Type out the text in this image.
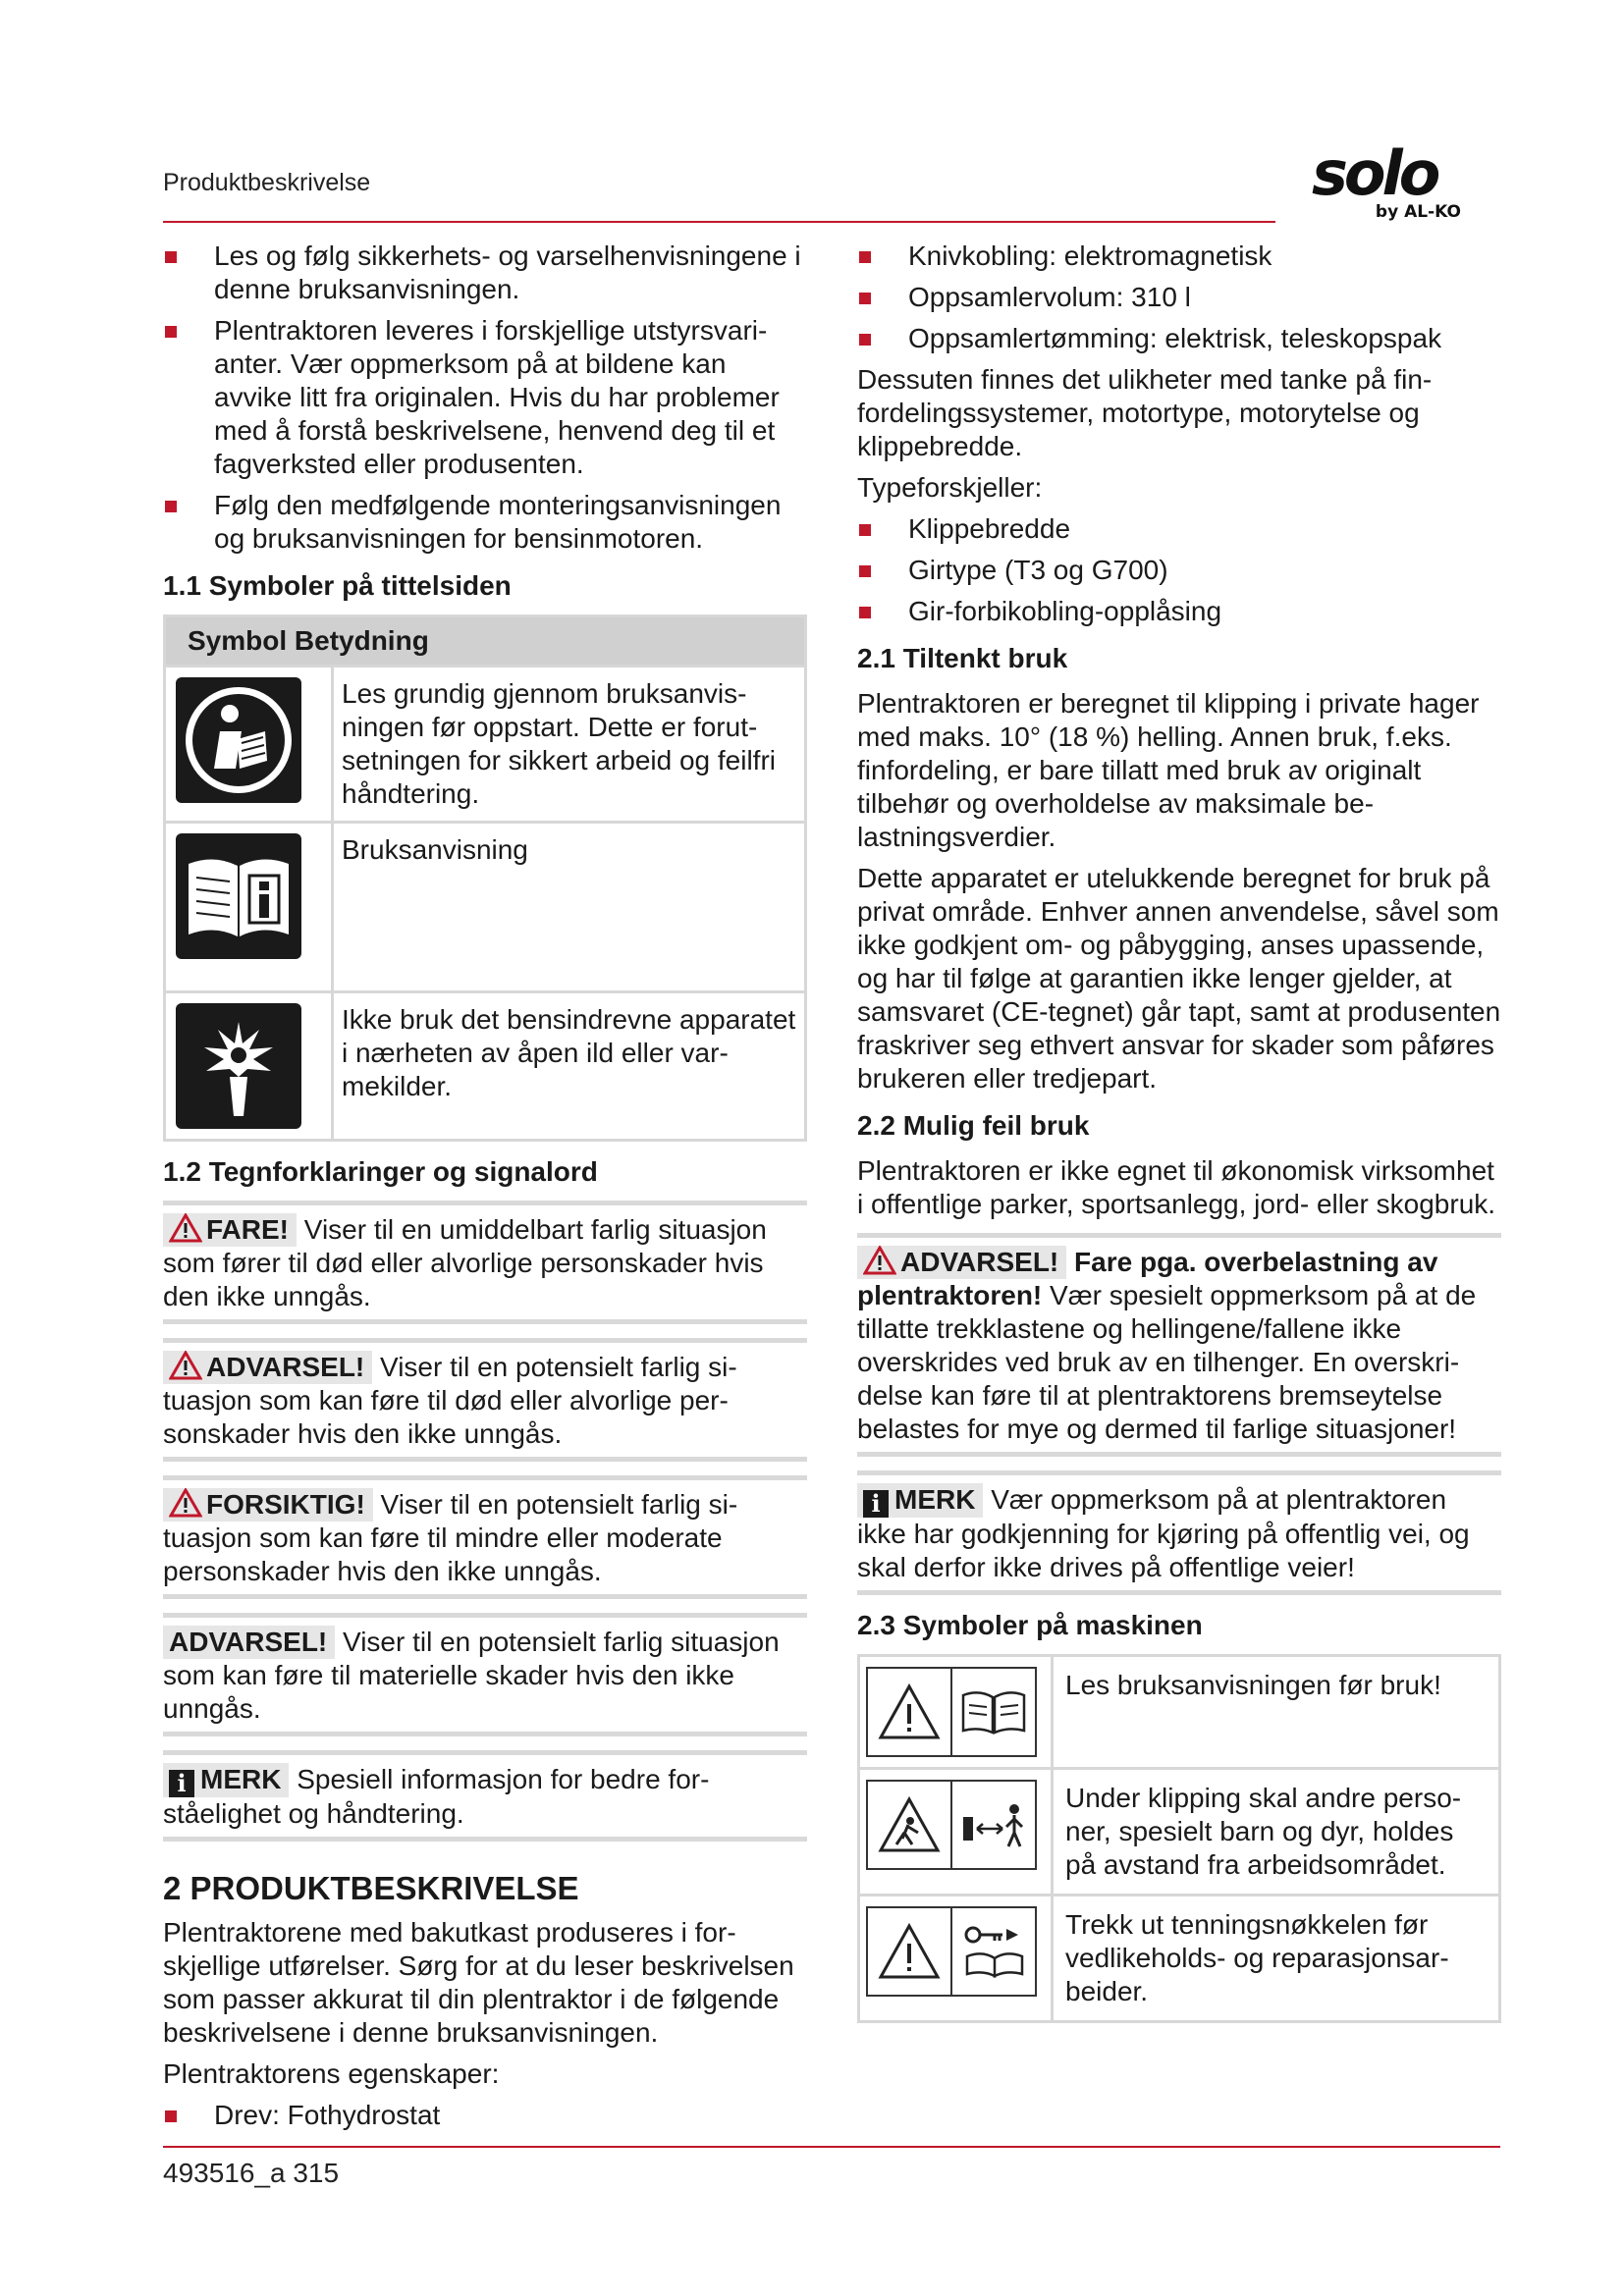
Produktbeskrivelse	solo
by AL-KO
Les og følg sikkerhets- og varselhenvisningene i denne bruksanvisningen.
Plentraktoren leveres i forskjellige utstyrsvarianter. Vær oppmerksom på at bildene kan avvike litt fra originalen. Hvis du har problemer med å forstå beskrivelsene, henvend deg til et fagverksted eller produsenten.
Følg den medfølgende monteringsanvisningen og bruksanvisningen for bensinmotoren.
1.1 Symboler på tittelsiden
Symbol Betydning	

	Les grundig gjennom bruksanvisningen før oppstart. Dette er forutsetningen for sikkert arbeid og feilfri håndtering.

	Bruksanvisning

	Ikke bruk det bensindrevne apparatet i nærheten av åpen ild eller varmekilder.
1.2 Tegnforklaringer og signalord
FARE! Viser til en umiddelbart farlig situasjon som fører til død eller alvorlige personskader hvis den ikke unngås.
ADVARSEL! Viser til en potensielt farlig situasjon som kan føre til død eller alvorlige personskader hvis den ikke unngås.
FORSIKTIG! Viser til en potensielt farlig situasjon som kan føre til mindre eller moderate personskader hvis den ikke unngås.
ADVARSEL! Viser til en potensielt farlig situasjon som kan føre til materielle skader hvis den ikke unngås.
i MERK Spesiell informasjon for bedre forståelighet og håndtering.
2 PRODUKTBESKRIVELSE
Plentraktorene med bakutkast produseres i forskjellige utførelser. Sørg for at du leser beskrivelsen som passer akkurat til din plentraktor i de følgende beskrivelsene i denne bruksanvisningen.
Plentraktorens egenskaper:
Drev: Fothydrostat
Knivkobling: elektromagnetisk
Oppsamlervolum: 310 l
Oppsamlertømming: elektrisk, teleskopspak
Dessuten finnes det ulikheter med tanke på finfordelingssystemer, motortype, motorytelse og klippebredde.
Typeforskjeller:
Klippebredde
Girtype (T3 og G700)
Gir-forbikobling-opplåsing
2.1 Tiltenkt bruk
Plentraktoren er beregnet til klipping i private hager med maks. 10° (18 %) helling. Annen bruk, f.eks. finfordeling, er bare tillatt med bruk av originalt tilbehør og overholdelse av maksimale belastningsverdier.
Dette apparatet er utelukkende beregnet for bruk på privat område. Enhver annen anvendelse, såvel som ikke godkjent om- og påbygging, anses upassende, og har til følge at garantien ikke lenger gjelder, at samsvaret (CE-tegnet) går tapt, samt at produsenten fraskriver seg ethvert ansvar for skader som påføres brukeren eller tredjepart.
2.2 Mulig feil bruk
Plentraktoren er ikke egnet til økonomisk virksomhet i offentlige parker, sportsanlegg, jord- eller skogbruk.
ADVARSEL! Fare pga. overbelastning av plentraktoren! Vær spesielt oppmerksom på at de tillatte trekklastene og hellingene/fallene ikke overskrides ved bruk av en tilhenger. En overskridelse kan føre til at plentraktorens bremseytelse belastes for mye og dermed til farlige situasjoner!
i MERK Vær oppmerksom på at plentraktoren ikke har godkjenning for kjøring på offentlig vei, og skal derfor ikke drives på offentlige veier!
2.3 Symboler på maskinen
	Les bruksanvisningen før bruk!

	Under klipping skal andre personer, spesielt barn og dyr, holdes på avstand fra arbeidsområdet.

	Trekk ut tenningsnøkkelen før vedlikeholds- og reparasjonsarbeider.
493516_a 315
